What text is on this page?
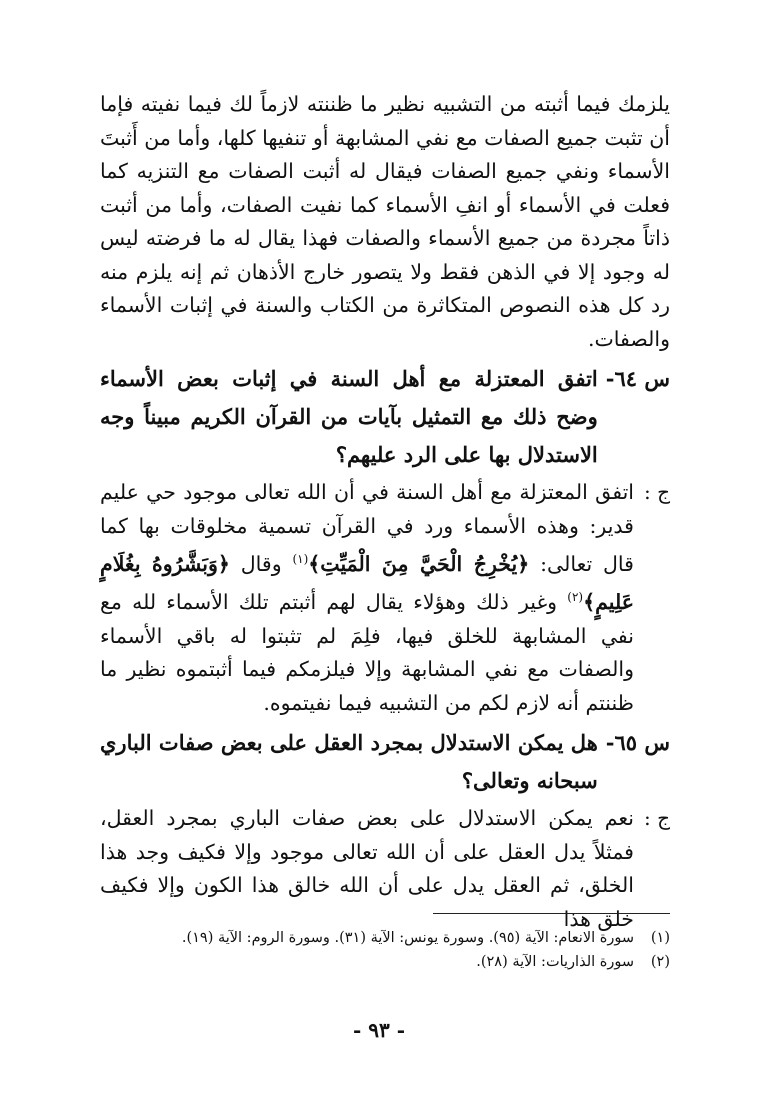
يلزمك فيما أثبته من التشبيه نظير ما ظننته لازماً لك فيما نفيته فإما أن تثبت جميع الصفات مع نفي المشابهة أو تنفيها كلها، وأما من أَثبتَ الأسماء ونفي جميع الصفات فيقال له أثبت الصفات مع التنزيه كما فعلت في الأسماء أو انفِ الأسماء كما نفيت الصفات، وأما من أثبت ذاتاً مجردة من جميع الأسماء والصفات فهذا يقال له ما فرضته ليس له وجود إلا في الذهن فقط ولا يتصور خارج الأذهان ثم إنه يلزم منه رد كل هذه النصوص المتكاثرة من الكتاب والسنة في إثبات الأسماء والصفات.

س ٦٤-

اتفق المعتزلة مع أهل السنة في إثبات بعض الأسماء وضح ذلك مع التمثيل بآيات من القرآن الكريم مبيناً وجه الاستدلال بها على الرد عليهم؟

ج :

اتفق المعتزلة مع أهل السنة في أن الله تعالى موجود حي عليم قدير: وهذه الأسماء ورد في القرآن تسمية مخلوقات بها كما قال تعالى: ﴿يُخْرِجُ الْحَيَّ مِنَ الْمَيِّتِ﴾$^{(١)}$ وقال ﴿وَبَشَّرُوهُ بِغُلَامٍ عَلِيمٍ﴾$^{(٢)}$ وغير ذلك وهؤلاء يقال لهم أثبتم تلك الأسماء لله مع نفي المشابهة للخلق فيها، فلِمَ لم تثبتوا له باقي الأسماء والصفات مع نفي المشابهة وإلا فيلزمكم فيما أثبتموه نظير ما ظننتم أنه لازم لكم من التشبيه فيما نفيتموه.

س ٦٥-

هل يمكن الاستدلال بمجرد العقل على بعض صفات الباري سبحانه وتعالى؟

ج :

نعم يمكن الاستدلال على بعض صفات الباري بمجرد العقل، فمثلاً يدل العقل على أن الله تعالى موجود وإلا فكيف وجد هذا الخلق، ثم العقل يدل على أن الله خالق هذا الكون وإلا فكيف خلق هذا

(١)
سورة الانعام: الآية (٩٥). وسورة يونس: الآية (٣١). وسورة الروم: الآية (١٩).
(٢)
سورة الذاريات: الآية (٢٨).
- ٩٣ -
